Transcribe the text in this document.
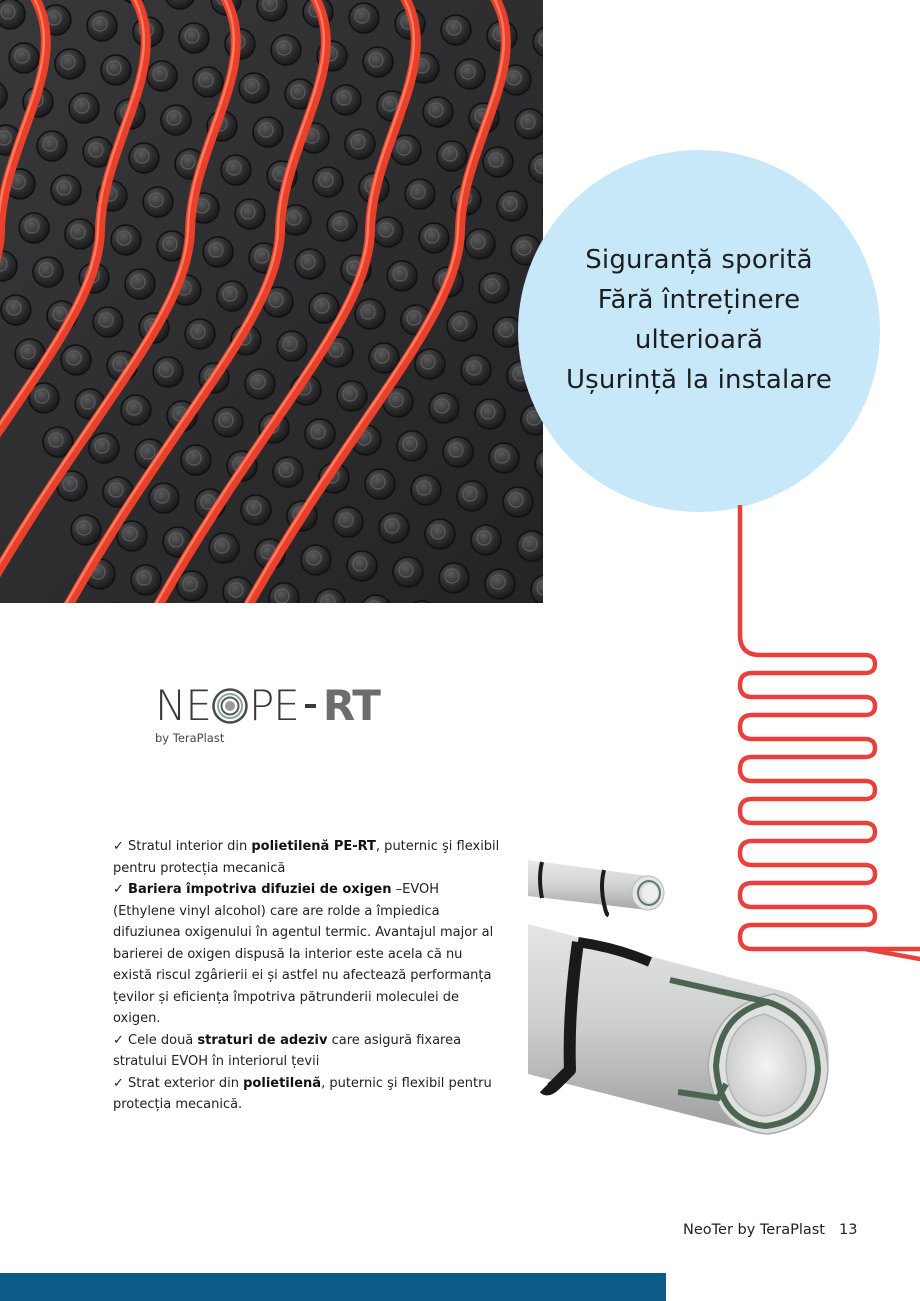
Siguranță sporită
Fără întreținere
ulterioară
Ușurință la instalare
NE PE RT
by TeraPlast

✓ Stratul interior din polietilenă PE-RT, puternic şi flexibil pentru protecția mecanică

✓ Bariera împotriva difuziei de oxigen –EVOH (Ethylene vinyl alcohol) care are rolde a împiedica difuziunea oxigenului în agentul termic. Avantajul major al barierei de oxigen dispusă la interior este acela că nu există riscul zgârierii ei și astfel nu afectează performanța țevilor și eficiența împotriva pătrunderii moleculei de oxigen.

✓ Cele două straturi de adeziv care asigură fixarea stratului EVOH în interiorul țevii

✓ Strat exterior din polietilenă, puternic şi flexibil pentru protecția mecanică.

NeoTer by TeraPlast 13
